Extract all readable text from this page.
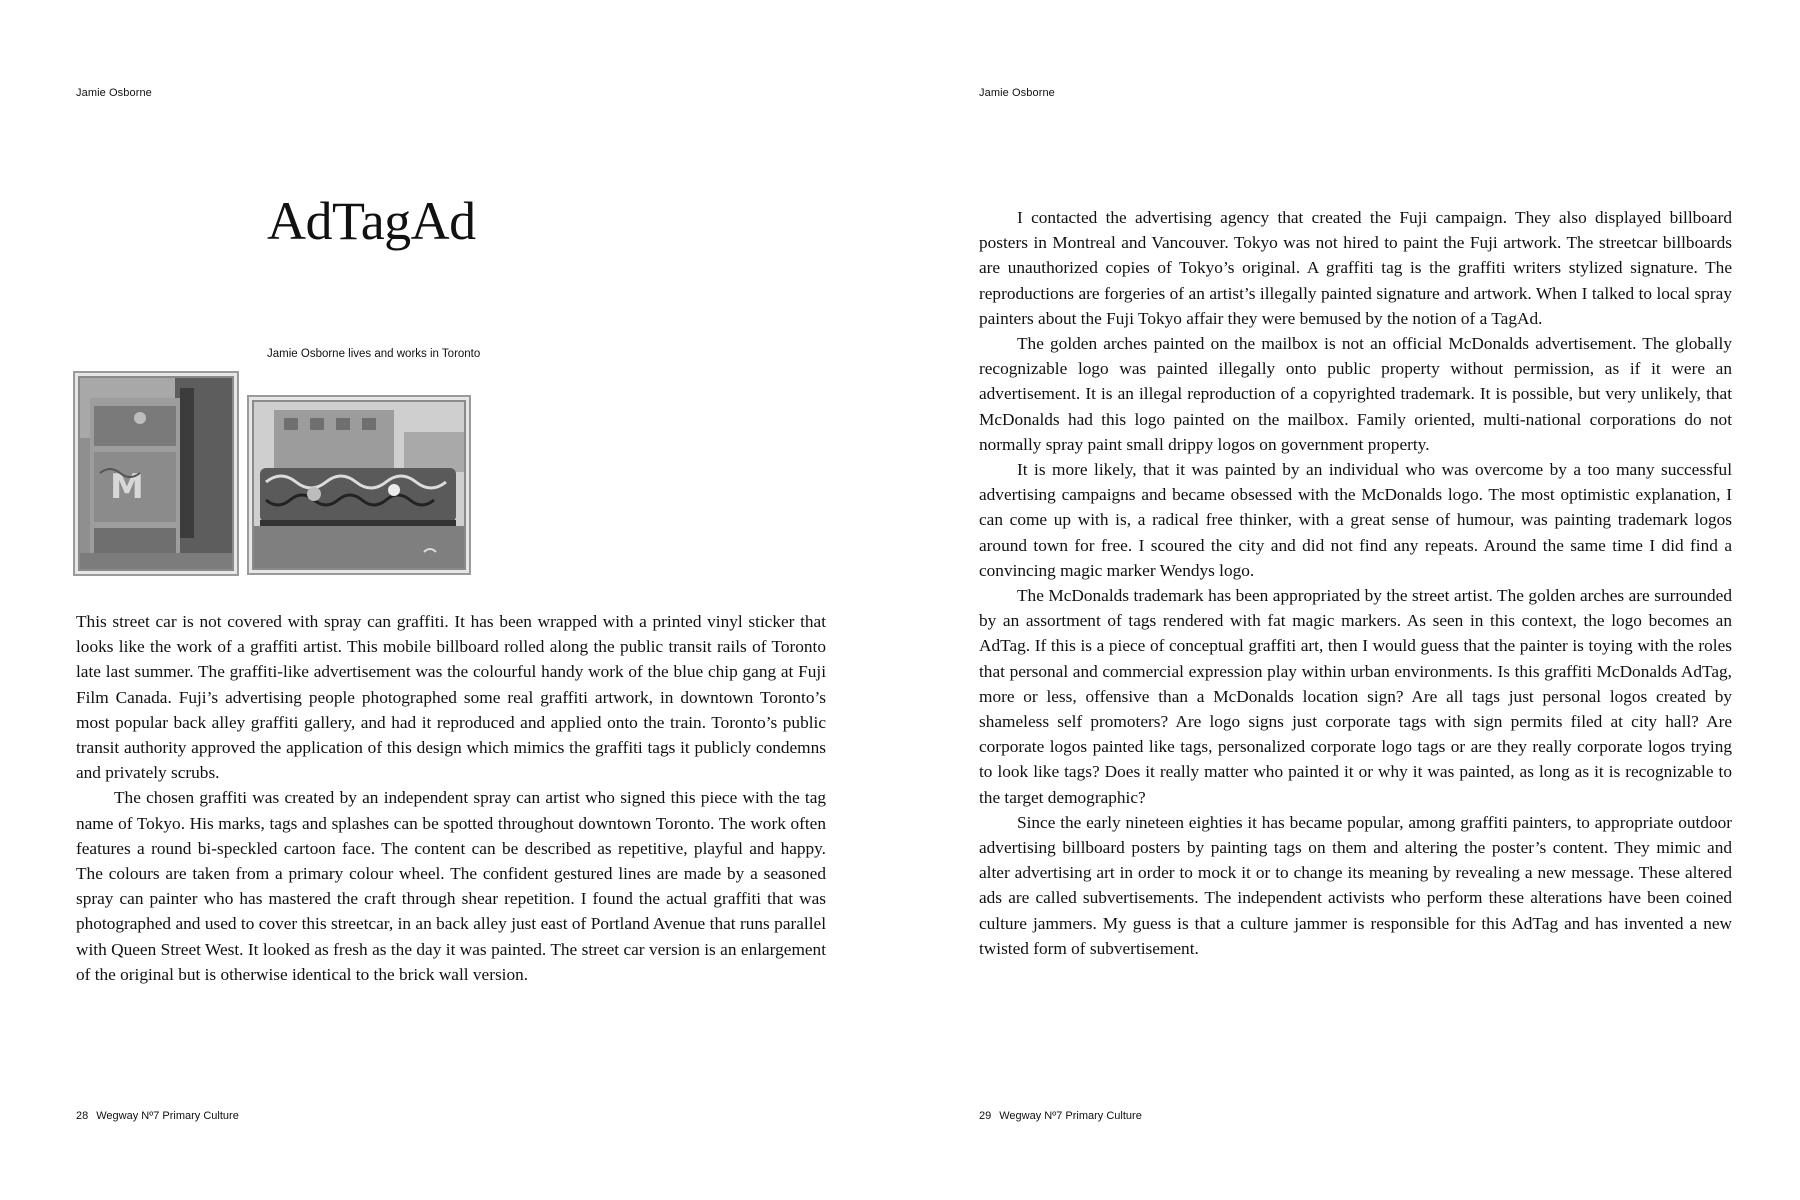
Jamie Osborne
AdTagAd
Jamie Osborne lives and works in Toronto
M

This street car is not covered with spray can graffiti. It has been wrapped with a printed vinyl sticker that looks like the work of a graffiti artist. This mobile billboard rolled along the public transit rails of Toronto late last summer. The graffiti-like advertisement was the colourful handy work of the blue chip gang at Fuji Film Canada. Fuji’s advertising people photographed some real graffiti artwork, in downtown Toronto’s most popular back alley graffiti gallery, and had it reproduced and applied onto the train. Toronto’s public transit authority approved the application of this design which mimics the graffiti tags it publicly condemns and privately scrubs.

The chosen graffiti was created by an independent spray can artist who signed this piece with the tag name of Tokyo. His marks, tags and splashes can be spotted throughout downtown Toronto. The work often features a round bi-speckled cartoon face. The content can be described as repetitive, playful and happy. The colours are taken from a primary colour wheel. The confident gestured lines are made by a seasoned spray can painter who has mastered the craft through shear repetition. I found the actual graffiti that was photographed and used to cover this streetcar, in an back alley just east of Portland Avenue that runs parallel with Queen Street West. It looked as fresh as the day it was painted. The street car version is an enlargement of the original but is otherwise identical to the brick wall version.

28 Wegway Nº7 Primary Culture
Jamie Osborne

I contacted the advertising agency that created the Fuji campaign. They also displayed billboard posters in Montreal and Vancouver. Tokyo was not hired to paint the Fuji artwork. The streetcar billboards are unauthorized copies of Tokyo’s original. A graffiti tag is the graffiti writers stylized signature. The reproductions are forgeries of an artist’s illegally painted signature and artwork. When I talked to local spray painters about the Fuji Tokyo affair they were bemused by the notion of a TagAd.

The golden arches painted on the mailbox is not an official McDonalds advertisement. The globally recognizable logo was painted illegally onto public property without permission, as if it were an advertisement. It is an illegal reproduction of a copyrighted trademark. It is possible, but very unlikely, that McDonalds had this logo painted on the mailbox. Family oriented, multi-national corporations do not normally spray paint small drippy logos on government property.

It is more likely, that it was painted by an individual who was overcome by a too many successful advertising campaigns and became obsessed with the McDonalds logo. The most optimistic explanation, I can come up with is, a radical free thinker, with a great sense of humour, was painting trademark logos around town for free. I scoured the city and did not find any repeats. Around the same time I did find a convincing magic marker Wendys logo.

The McDonalds trademark has been appropriated by the street artist. The golden arches are surrounded by an assortment of tags rendered with fat magic markers. As seen in this context, the logo becomes an AdTag. If this is a piece of conceptual graffiti art, then I would guess that the painter is toying with the roles that personal and commercial expression play within urban environments. Is this graffiti McDonalds AdTag, more or less, offensive than a McDonalds location sign? Are all tags just personal logos created by shameless self promoters? Are logo signs just corporate tags with sign permits filed at city hall? Are corporate logos painted like tags, personalized corporate logo tags or are they really corporate logos trying to look like tags? Does it really matter who painted it or why it was painted, as long as it is recognizable to the target demographic?

Since the early nineteen eighties it has became popular, among graffiti painters, to appropriate outdoor advertising billboard posters by painting tags on them and altering the poster’s content. They mimic and alter advertising art in order to mock it or to change its meaning by revealing a new message. These altered ads are called subvertisements. The independent activists who perform these alterations have been coined culture jammers. My guess is that a culture jammer is responsible for this AdTag and has invented a new twisted form of subvertisement.

29 Wegway Nº7 Primary Culture
